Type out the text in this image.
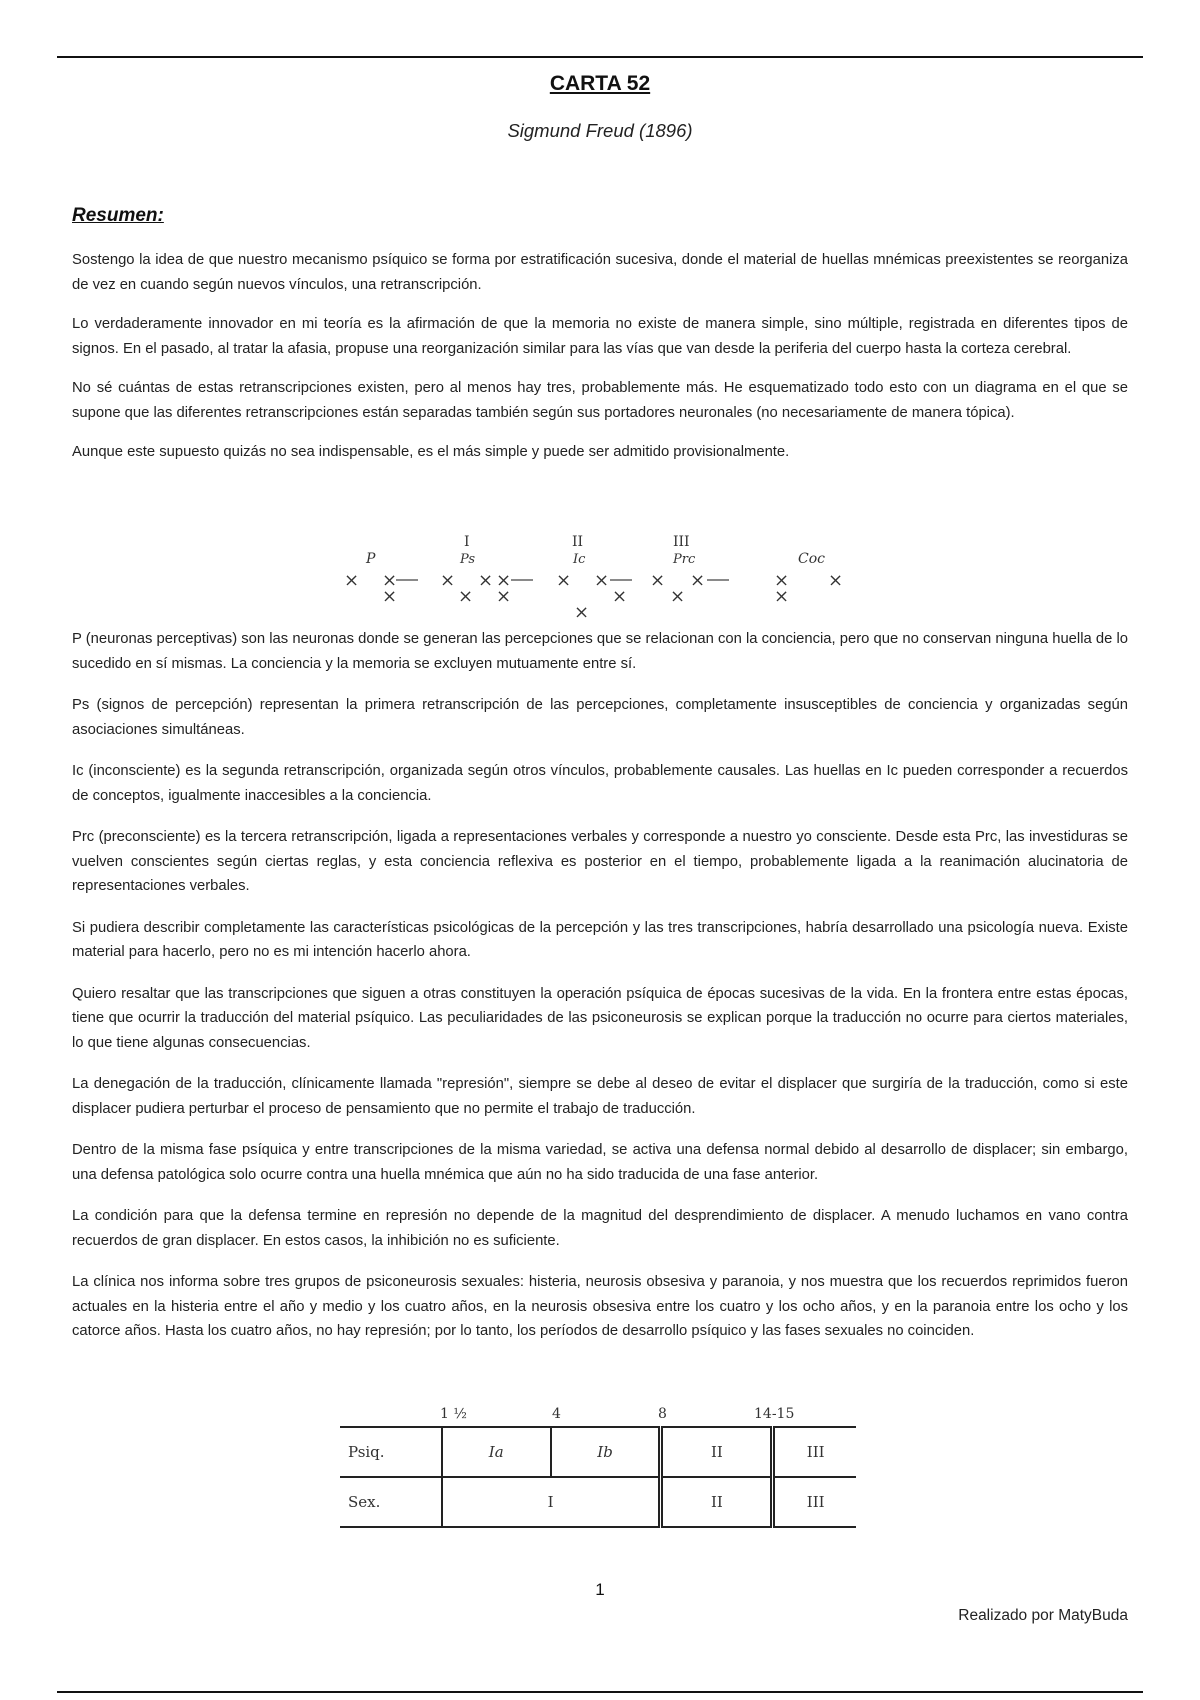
CARTA 52
Sigmund Freud (1896)
Resumen:

Sostengo la idea de que nuestro mecanismo psíquico se forma por estratificación sucesiva, donde el material de huellas mnémicas preexistentes se reorganiza de vez en cuando según nuevos vínculos, una retranscripción.

Lo verdaderamente innovador en mi teoría es la afirmación de que la memoria no existe de manera simple, sino múltiple, registrada en diferentes tipos de signos. En el pasado, al tratar la afasia, propuse una reorganización similar para las vías que van desde la periferia del cuerpo hasta la corteza cerebral.

No sé cuántas de estas retranscripciones existen, pero al menos hay tres, probablemente más. He esquematizado todo esto con un diagrama en el que se supone que las diferentes retranscripciones están separadas también según sus portadores neuronales (no necesariamente de manera tópica).

Aunque este supuesto quizás no sea indispensable, es el más simple y puede ser admitido provisionalmente.

I	II	III
P	Ps	Ic	Prc	Coc
× ×
×
×
×
× ×
×
×
×
×
×
×
×
×	×
×
×

P (neuronas perceptivas) son las neuronas donde se generan las percepciones que se relacionan con la conciencia, pero que no conservan ninguna huella de lo sucedido en sí mismas. La conciencia y la memoria se excluyen mutuamente entre sí.

Ps (signos de percepción) representan la primera retranscripción de las percepciones, completamente insusceptibles de conciencia y organizadas según asociaciones simultáneas.

Ic (inconsciente) es la segunda retranscripción, organizada según otros vínculos, probablemente causales. Las huellas en Ic pueden corresponder a recuerdos de conceptos, igualmente inaccesibles a la conciencia.

Prc (preconsciente) es la tercera retranscripción, ligada a representaciones verbales y corresponde a nuestro yo consciente. Desde esta Prc, las investiduras se vuelven conscientes según ciertas reglas, y esta conciencia reflexiva es posterior en el tiempo, probablemente ligada a la reanimación alucinatoria de representaciones verbales.

Si pudiera describir completamente las características psicológicas de la percepción y las tres transcripciones, habría desarrollado una psicología nueva. Existe material para hacerlo, pero no es mi intención hacerlo ahora.

Quiero resaltar que las transcripciones que siguen a otras constituyen la operación psíquica de épocas sucesivas de la vida. En la frontera entre estas épocas, tiene que ocurrir la traducción del material psíquico. Las peculiaridades de las psiconeurosis se explican porque la traducción no ocurre para ciertos materiales, lo que tiene algunas consecuencias.

La denegación de la traducción, clínicamente llamada "represión", siempre se debe al deseo de evitar el displacer que surgiría de la traducción, como si este displacer pudiera perturbar el proceso de pensamiento que no permite el trabajo de traducción.

Dentro de la misma fase psíquica y entre transcripciones de la misma variedad, se activa una defensa normal debido al desarrollo de displacer; sin embargo, una defensa patológica solo ocurre contra una huella mnémica que aún no ha sido traducida de una fase anterior.

La condición para que la defensa termine en represión no depende de la magnitud del desprendimiento de displacer. A menudo luchamos en vano contra recuerdos de gran displacer. En estos casos, la inhibición no es suficiente.

La clínica nos informa sobre tres grupos de psiconeurosis sexuales: histeria, neurosis obsesiva y paranoia, y nos muestra que los recuerdos reprimidos fueron actuales en la histeria entre el año y medio y los cuatro años, en la neurosis obsesiva entre los cuatro y los ocho años, y en la paranoia entre los ocho y los catorce años. Hasta los cuatro años, no hay represión; por lo tanto, los períodos de desarrollo psíquico y las fases sexuales no coinciden.

1 ½	4	8	14-15
Psiq.	Ia	Ib	II	III
Sex.	I		II	III
1
Realizado por MatyBuda
